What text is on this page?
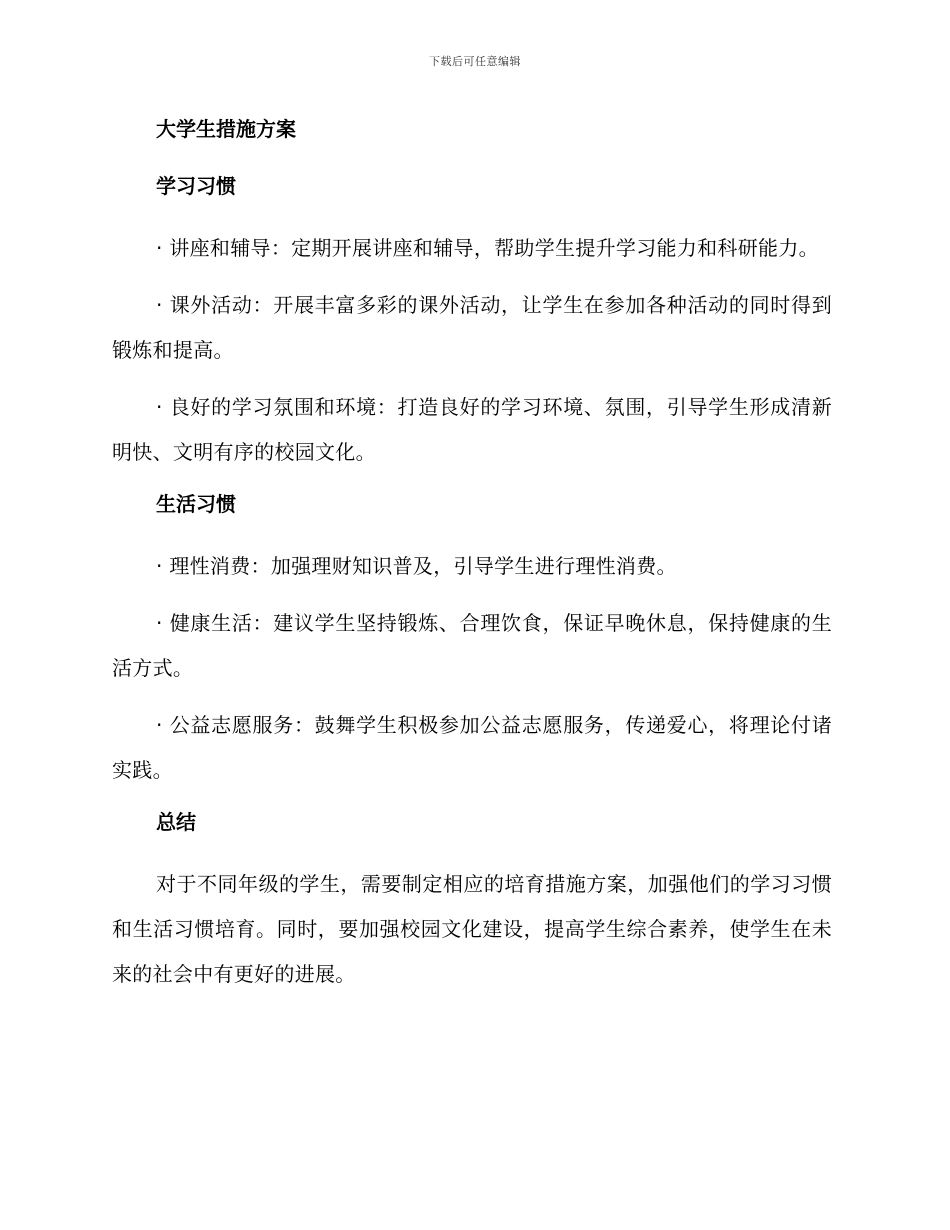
下载后可任意编辑
大学生措施方案
学习习惯

· 讲座和辅导：定期开展讲座和辅导，帮助学生提升学习能力和科研能力。

· 课外活动：开展丰富多彩的课外活动，让学生在参加各种活动的同时得到锻炼和提高。

· 良好的学习氛围和环境：打造良好的学习环境、氛围，引导学生形成清新明快、文明有序的校园文化。

生活习惯

· 理性消费：加强理财知识普及，引导学生进行理性消费。

· 健康生活：建议学生坚持锻炼、合理饮食，保证早晚休息，保持健康的生活方式。

· 公益志愿服务：鼓舞学生积极参加公益志愿服务，传递爱心，将理论付诸实践。

总结

对于不同年级的学生，需要制定相应的培育措施方案，加强他们的学习习惯和生活习惯培育。同时，要加强校园文化建设，提高学生综合素养，使学生在未来的社会中有更好的进展。
